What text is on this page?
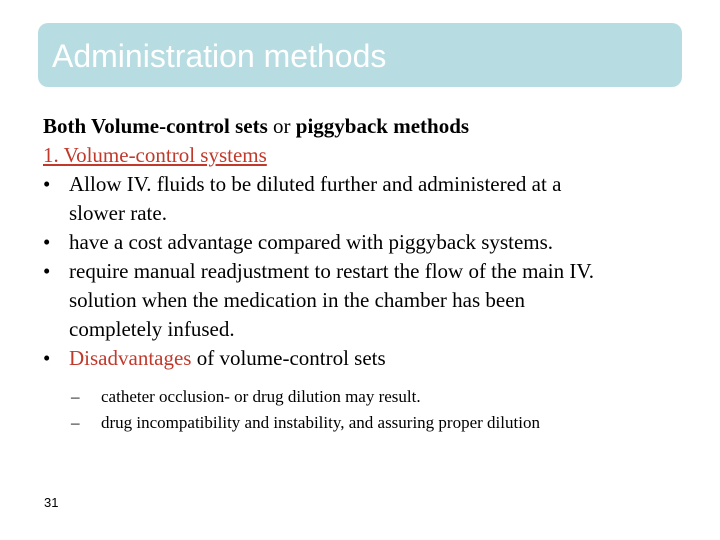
Administration methods

Both Volume-control sets or piggyback methods

1. Volume-control systems

• Allow IV. fluids to be diluted further and administered at a
slower rate.
• have a cost advantage compared with piggyback systems.
• require manual readjustment to restart the flow of the main IV.
solution when the medication in the chamber has been
completely infused.
• Disadvantages of volume-control sets

– catheter occlusion- or drug dilution may result.

– drug incompatibility and instability, and assuring proper dilution

31
